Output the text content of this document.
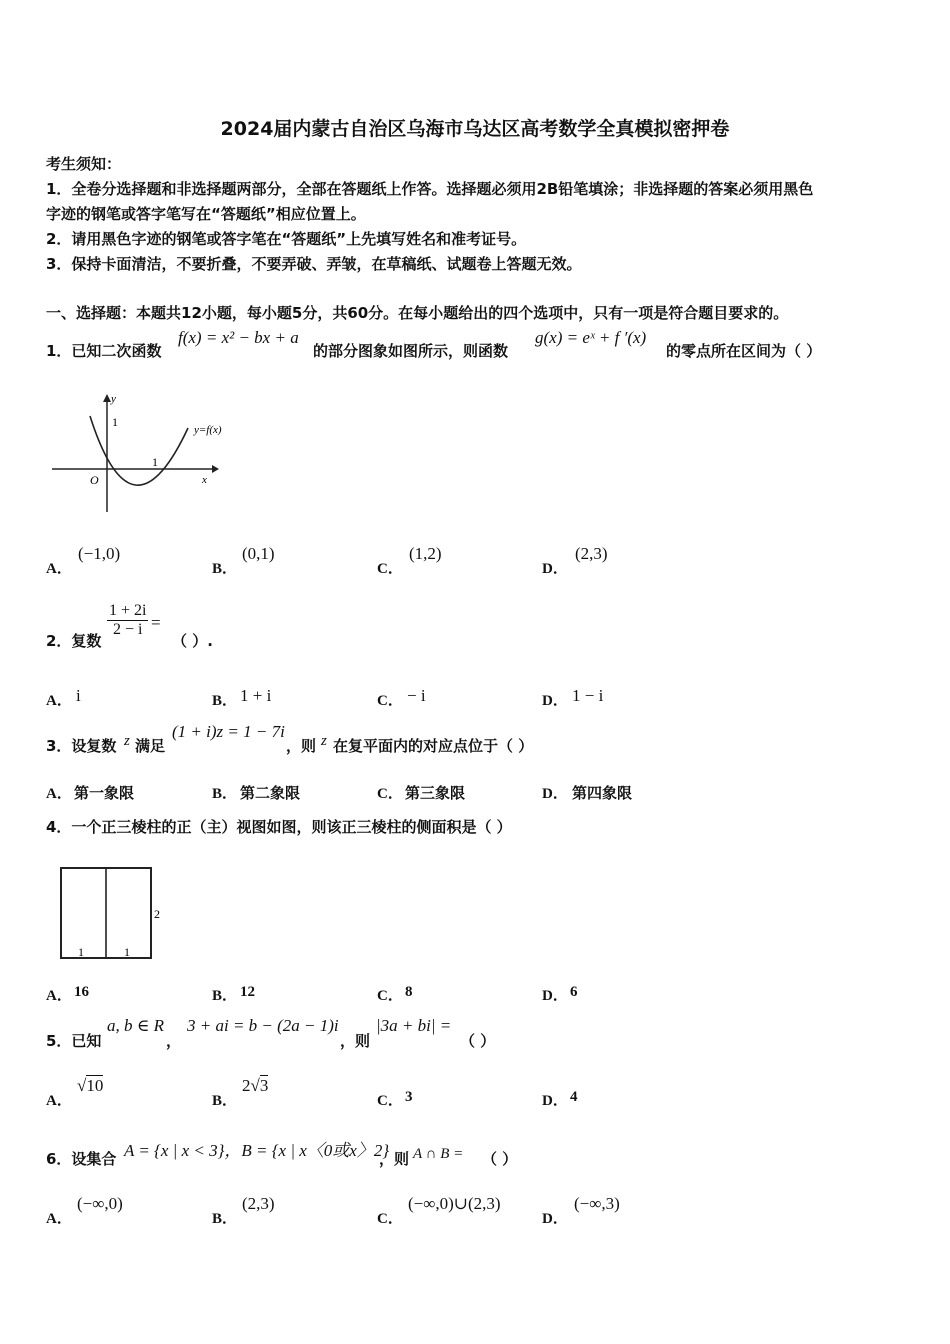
2024届内蒙古自治区乌海市乌达区高考数学全真模拟密押卷
考生须知：
1．全卷分选择题和非选择题两部分，全部在答题纸上作答。选择题必须用2B铅笔填涂；非选择题的答案必须用黑色
字迹的钢笔或答字笔写在“答题纸”相应位置上。
2．请用黑色字迹的钢笔或答字笔在“答题纸”上先填写姓名和准考证号。
3．保持卡面清洁，不要折叠，不要弄破、弄皱，在草稿纸、试题卷上答题无效。
一、选择题：本题共12小题，每小题5分，共60分。在每小题给出的四个选项中，只有一项是符合题目要求的。
1．已知二次函数
f(x) = x² − bx + a
的部分图象如图所示，则函数
g(x) = eˣ + f ′(x)
的零点所在区间为（ ）
y
1
y=f(x)
1
O	x
A．
(−1,0)
B．
(0,1)
C．
(1,2)
D．
(2,3)
2．复数
$\frac{1 + 2i}{2 - i}$ =
（ ）.
A． i	B． 1 + i	C． − i	D． 1 − i
3．设复数 z 满足
(1 + i)z = 1 − 7i
，则 z 在复平面内的对应点位于（ ）
A． 第一象限	B． 第二象限	C． 第三象限	D． 第四象限
4．一个正三棱柱的正（主）视图如图，则该正三棱柱的侧面积是（ ）
2
1	1
A． 16	B． 12	C． 8	D． 6
5．已知
a, b ∈ R
，
3 + ai = b − (2a − 1)i
，则
|3a + bi| =
（ ）
A．
√10
B．
2√3
C． 3	D． 4
6．设集合 A = {x | x < 3}，B = {x | x〈0或x〉2}
，则 A ∩ B = （ ）
A．
(−∞,0)
B．
(2,3)
C．
(−∞,0)∪(2,3)
D．
(−∞,3)
